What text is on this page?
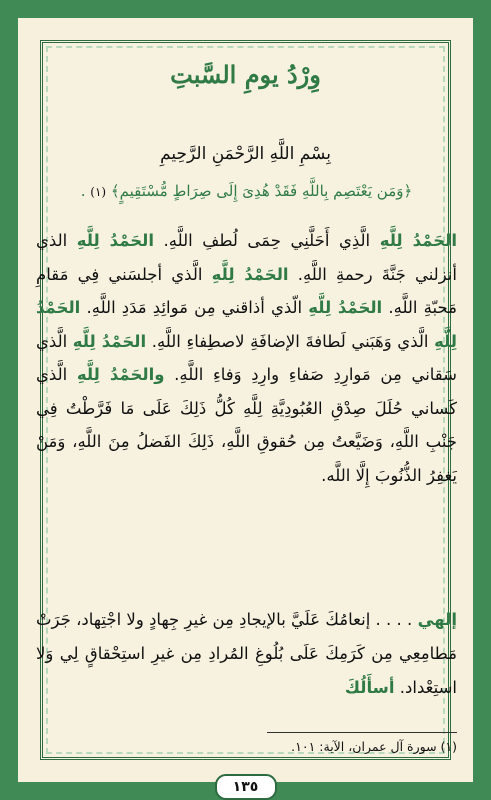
وِرْدُ يومِ السَّبتِ
بِسْمِ اللَّهِ الرَّحْمَنِ الرَّحِيمِ
﴿وَمَن يَعْتَصِم بِاللَّهِ فَقَدْ هُدِىَ إِلَى صِرَاطٍ مُّسْتَقِيمٍ﴾ (١) .
الحَمْدُ لِلَّهِ الَّذِي أَحَلَّنِي حِمَى لُطفِ اللَّهِ. الحَمْدُ لِلَّهِ الذي أنزلني جَنَّةَ رحمةِ اللَّهِ. الحَمْدُ لِلَّهِ الَّذي أجلسَني فِي مَقامِ مَحبّةِ اللَّهِ. الحَمْدُ لِلَّهِ الّذي أذاقني مِن مَوائِدِ مَدَدِ اللَّهِ. الحَمْدُ لِلَّهِ الَّذي وَهَبَني لَطافةَ الإضافَةِ لاصطِفاءِ اللَّهِ. الحَمْدُ لِلَّهِ الَّذي سَقاني مِن مَوارِدِ صَفاءِ وارِدِ وَفاءِ اللَّهِ. والحَمْدُ لِلَّهِ الَّذي كَساني حُلَلَ صِدْقِ العُبُودِيَّةِ لِلَّهِ كُلُّ ذَلِكَ عَلَى مَا فَرَّطْتُ فِي جَنْبِ اللَّهِ، وَضَيَّعتُ مِن حُقوقِ اللَّهِ، ذَلِكَ الفَضلُ مِنَ اللَّهِ، وَمَنْ يَغفِرُ الذُّنُوبَ إِلَّا اللَّه.
إلهي . . . . إنعامُكَ عَلَيَّ بالإيجادِ مِن غيرِ جِهادٍ ولا اجْتِهاد، جَرَتْ مَطامِعِي مِن كَرَمِكَ عَلَى بُلُوغِ المُرادِ مِن غيرِ استِحْقاقٍ لِي وَلا استِعْداد. أسأَلُكَ
(١) سورة آل عمران، الآية: ١٠١.
١٣٥
